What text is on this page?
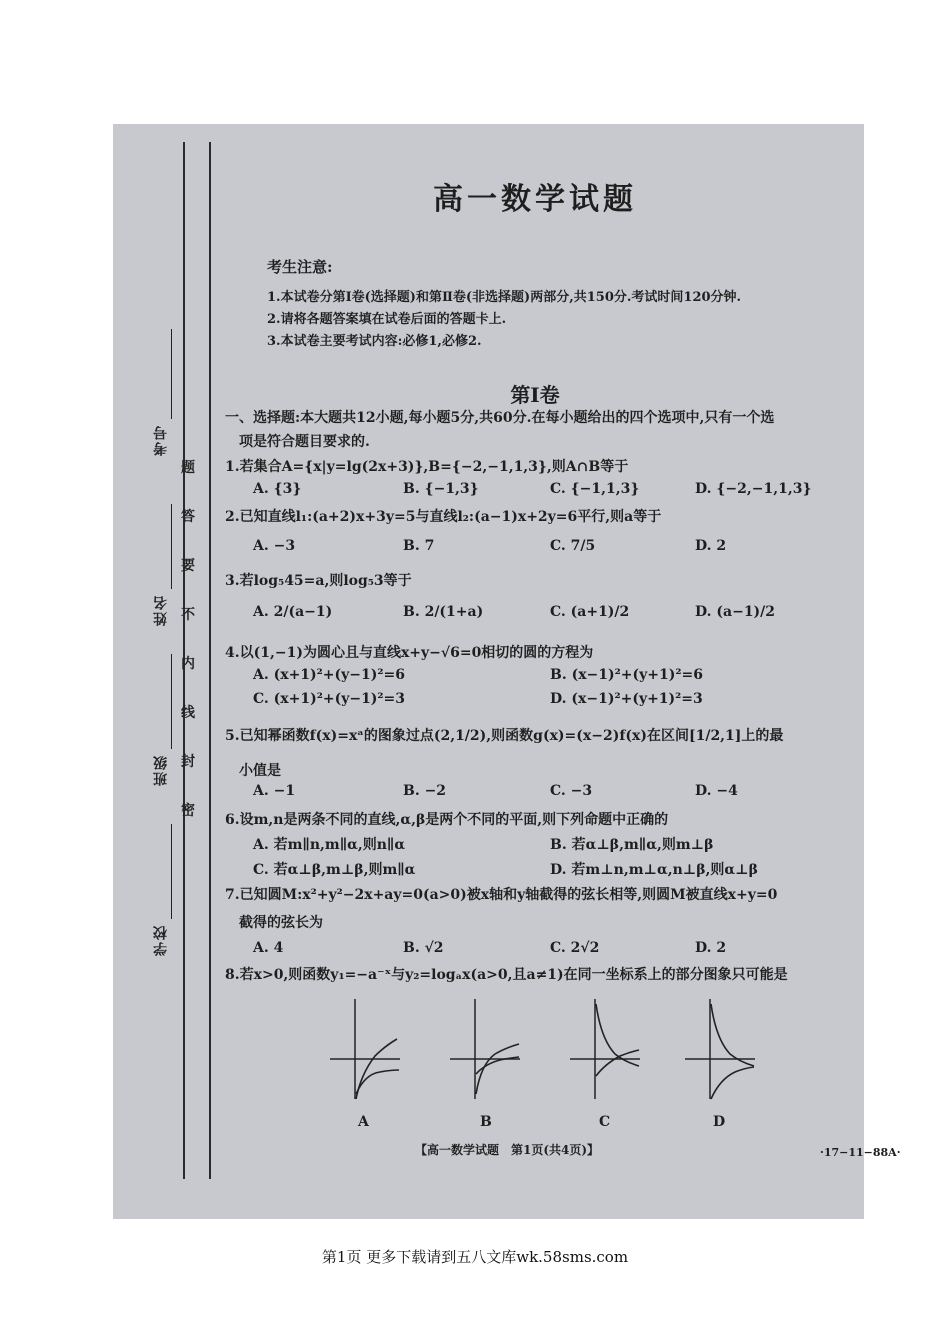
考号
姓名
班级
学校
题
答
要
不
内
线
封
密
高一数学试题
考生注意:
1.本试卷分第Ⅰ卷(选择题)和第Ⅱ卷(非选择题)两部分,共150分.考试时间120分钟.
2.请将各题答案填在试卷后面的答题卡上.
3.本试卷主要考试内容:必修1,必修2.
第Ⅰ卷
一、选择题:本大题共12小题,每小题5分,共60分.在每小题给出的四个选项中,只有一个选
项是符合题目要求的.
1.若集合A={x|y=lg(2x+3)},B={−2,−1,1,3},则A∩B等于
A. {3}	B. {−1,3}	C. {−1,1,3}	D. {−2,−1,1,3}
2.已知直线l₁:(a+2)x+3y=5与直线l₂:(a−1)x+2y=6平行,则a等于
A. −3	B. 7	C. 7/5	D. 2
3.若log₅45=a,则log₅3等于
A. 2/(a−1)	B. 2/(1+a)	C. (a+1)/2	D. (a−1)/2
4.以(1,−1)为圆心且与直线x+y−√6=0相切的圆的方程为
A. (x+1)²+(y−1)²=6	B. (x−1)²+(y+1)²=6
C. (x+1)²+(y−1)²=3	D. (x−1)²+(y+1)²=3
5.已知幂函数f(x)=xᵃ的图象过点(2,1/2),则函数g(x)=(x−2)f(x)在区间[1/2,1]上的最
小值是
A. −1	B. −2	C. −3	D. −4
6.设m,n是两条不同的直线,α,β是两个不同的平面,则下列命题中正确的
A. 若m∥n,m∥α,则n∥α	B. 若α⊥β,m∥α,则m⊥β
C. 若α⊥β,m⊥β,则m∥α	D. 若m⊥n,m⊥α,n⊥β,则α⊥β
7.已知圆M:x²+y²−2x+ay=0(a>0)被x轴和y轴截得的弦长相等,则圆M被直线x+y=0
截得的弦长为
A. 4	B. √2	C. 2√2	D. 2
8.若x>0,则函数y₁=−a⁻ˣ与y₂=logₐx(a>0,且a≠1)在同一坐标系上的部分图象只可能是
A	B	C	D
【高一数学试题　第1页(共4页)】	·17−11−88A·
第1页 更多下载请到五八文库wk.58sms.com
